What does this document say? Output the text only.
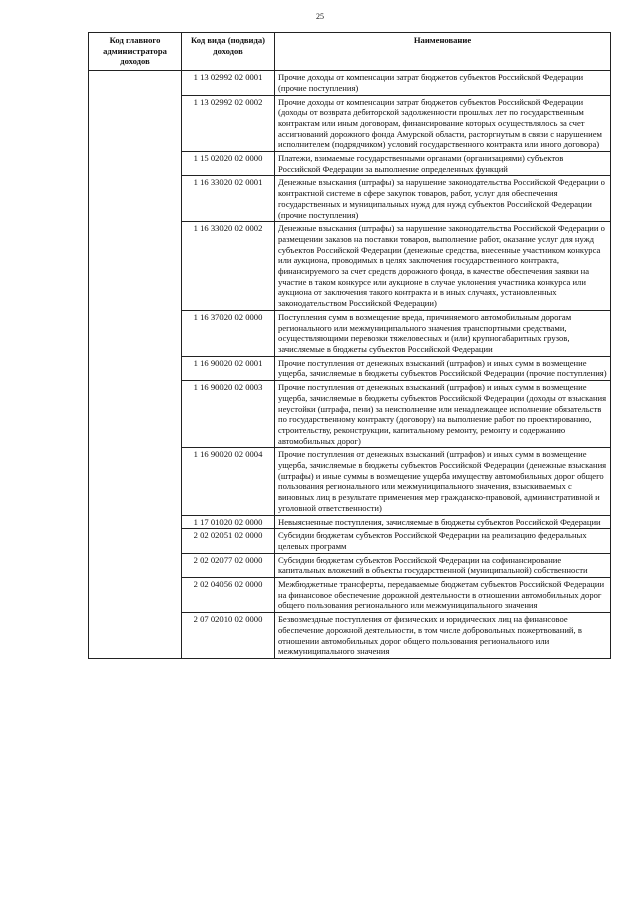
25
Код главного администратора доходов	Код вида (подвида) доходов	Наименование
	1 13 02992 02 0001	Прочие доходы от компенсации затрат бюджетов субъектов Российской Федерации (прочие поступления)
	1 13 02992 02 0002	Прочие доходы от компенсации затрат бюджетов субъектов Российской Федерации (доходы от возврата дебиторской задолженности прошлых лет по государственным контрактам или иным договорам, финансирование которых осуществлялось за счет ассигнований дорожного фонда Амурской области, расторгнутым в связи с нарушением исполнителем (подрядчиком) условий государственного контракта или иного договора)
	1 15 02020 02 0000	Платежи, взимаемые государственными органами (организациями) субъектов Российской Федерации за выполнение определенных функций
	1 16 33020 02 0001	Денежные взыскания (штрафы) за нарушение законодательства Российской Федерации о контрактной системе в сфере закупок товаров, работ, услуг для обеспечения государственных и муниципальных нужд для нужд субъектов Российской Федерации (прочие поступления)
	1 16 33020 02 0002	Денежные взыскания (штрафы) за нарушение законодательства Российской Федерации о размещении заказов на поставки товаров, выполнение работ, оказание услуг для нужд субъектов Российской Федерации (денежные средства, внесенные участником конкурса или аукциона, проводимых в целях заключения государственного контракта, финансируемого за счет средств дорожного фонда, в качестве обеспечения заявки на участие в таком конкурсе или аукционе в случае уклонения участника конкурса или аукциона от заключения такого контракта и в иных случаях, установленных законодательством Российской Федерации)
	1 16 37020 02 0000	Поступления сумм в возмещение вреда, причиняемого автомобильным дорогам регионального или межмуниципального значения транспортными средствами, осуществляющими перевозки тяжеловесных и (или) крупногабаритных грузов, зачисляемые в бюджеты субъектов Российской Федерации
	1 16 90020 02 0001	Прочие поступления от денежных взысканий (штрафов) и иных сумм в возмещение ущерба, зачисляемые в бюджеты субъектов Российской Федерации (прочие поступления)
	1 16 90020 02 0003	Прочие поступления от денежных взысканий (штрафов) и иных сумм в возмещение ущерба, зачисляемые в бюджеты субъектов Российской Федерации (доходы от взыскания неустойки (штрафа, пени) за неисполнение или ненадлежащее исполнение обязательств по государственному контракту (договору) на выполнение работ по проектированию, строительству, реконструкции, капитальному ремонту, ремонту и содержанию автомобильных дорог)
	1 16 90020 02 0004	Прочие поступления от денежных взысканий (штрафов) и иных сумм в возмещение ущерба, зачисляемые в бюджеты субъектов Российской Федерации (денежные взыскания (штрафы) и иные суммы в возмещение ущерба имуществу автомобильных дорог общего пользования регионального или межмуниципального значения, взыскиваемых с виновных лиц в результате применения мер гражданско-правовой, административной и уголовной ответственности)
	1 17 01020 02 0000	Невыясненные поступления, зачисляемые в бюджеты субъектов Российской Федерации
	2 02 02051 02 0000	Субсидии бюджетам субъектов Российской Федерации на реализацию федеральных целевых программ
	2 02 02077 02 0000	Субсидии бюджетам субъектов Российской Федерации на софинансирование капитальных вложений в объекты государственной (муниципальной) собственности
	2 02 04056 02 0000	Межбюджетные трансферты, передаваемые бюджетам субъектов Российской Федерации на финансовое обеспечение дорожной деятельности в отношении автомобильных дорог общего пользования регионального или межмуниципального значения
	2 07 02010 02 0000	Безвозмездные поступления от физических и юридических лиц на финансовое обеспечение дорожной деятельности, в том числе добровольных пожертвований, в отношении автомобильных дорог общего пользования регионального или межмуниципального значения
